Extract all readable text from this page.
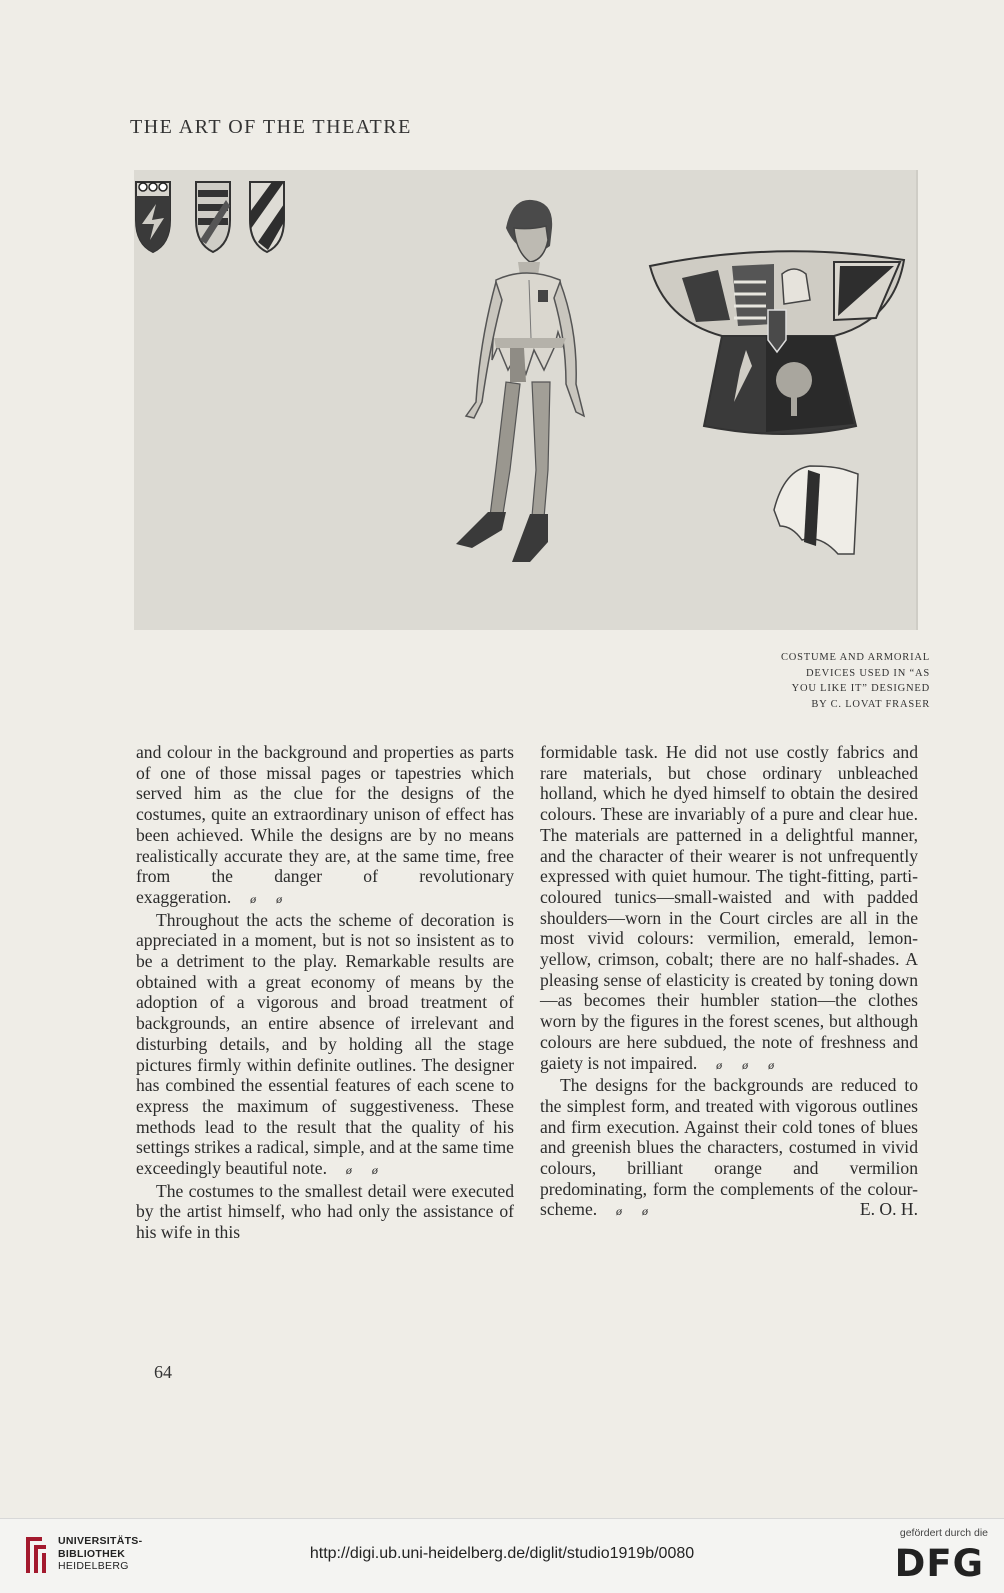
THE ART OF THE THEATRE
COSTUME AND ARMORIAL
DEVICES USED IN “AS
YOU LIKE IT” DESIGNED
BY C. LOVAT FRASER

and colour in the background and properties as parts of one of those missal pages or tapestries which served him as the clue for the designs of the costumes, quite an extraordinary unison of effect has been achieved. While the designs are by no means realistically accurate they are, at the same time, free from the danger of revolutionary exaggeration. ø ø

Throughout the acts the scheme of decoration is appreciated in a moment, but is not so insistent as to be a detriment to the play. Remarkable results are obtained with a great economy of means by the adoption of a vigorous and broad treatment of backgrounds, an entire absence of irrelevant and disturbing details, and by holding all the stage pictures firmly within definite outlines. The designer has combined the essential features of each scene to express the maximum of suggestiveness. These methods lead to the result that the quality of his settings strikes a radical, simple, and at the same time exceedingly beautiful note. ø ø

The costumes to the smallest detail were executed by the artist himself, who had only the assistance of his wife in this

formidable task. He did not use costly fabrics and rare materials, but chose ordinary unbleached holland, which he dyed himself to obtain the desired colours. These are invariably of a pure and clear hue. The materials are patterned in a delightful manner, and the character of their wearer is not unfrequently expressed with quiet humour. The tight-fitting, parti-coloured tunics—small-waisted and with padded shoulders—worn in the Court circles are all in the most vivid colours: vermilion, emerald, lemon-yellow, crimson, cobalt; there are no half-shades. A pleasing sense of elasticity is created by toning down—as becomes their humbler station—the clothes worn by the figures in the forest scenes, but although colours are here subdued, the note of freshness and gaiety is not impaired. ø ø ø

The designs for the backgrounds are reduced to the simplest form, and treated with vigorous outlines and firm execution. Against their cold tones of blues and greenish blues the characters, costumed in vivid colours, brilliant orange and vermilion predominating, form the complements of the colour-scheme. ø ø	E. O. H.

64
UNIVERSITÄTS-
BIBLIOTHEK
HEIDELBERG
http://digi.ub.uni-heidelberg.de/diglit/studio1919b/0080
gefördert durch die
DFG
